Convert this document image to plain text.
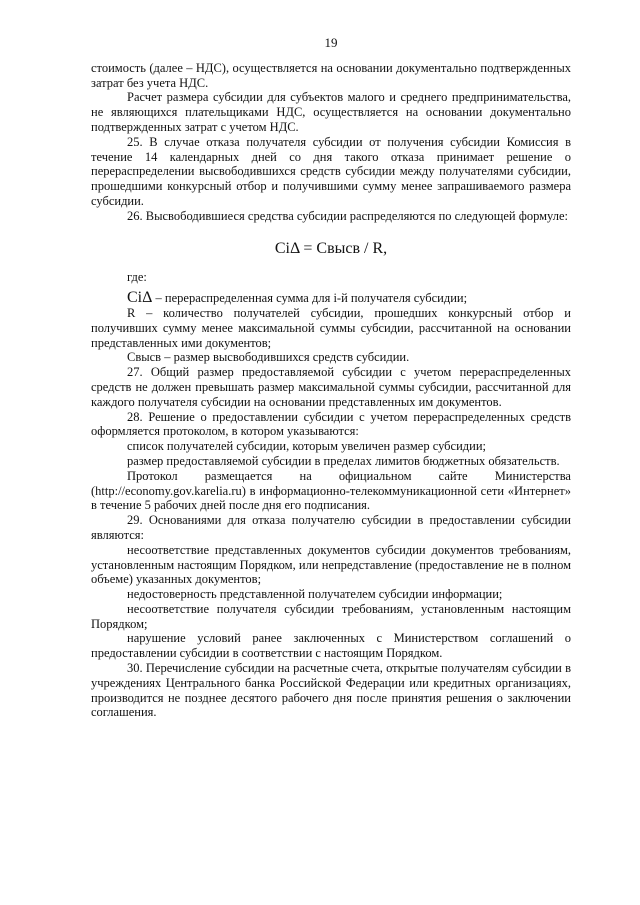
19

стоимость (далее – НДС), осуществляется на основании документально подтвержденных затрат без учета НДС.

Расчет размера субсидии для субъектов малого и среднего предпринимательства, не являющихся плательщиками НДС, осуществляется на основании документально подтвержденных затрат с учетом НДС.

25. В случае отказа получателя субсидии от получения субсидии Комиссия в течение 14 календарных дней со дня такого отказа принимает решение о перераспределении высвободившихся средств субсидии между получателями субсидии, прошедшими конкурсный отбор и получившими сумму менее запрашиваемого размера субсидии.

26. Высвободившиеся средства субсидии распределяются по следующей формуле:

CiΔ = Свысв / R,

где:

CiΔ – перераспределенная сумма для i-й получателя субсидии;

R – количество получателей субсидии, прошедших конкурсный отбор и получивших сумму менее максимальной суммы субсидии, рассчитанной на основании представленных ими документов;

Свысв – размер высвободившихся средств субсидии.

27. Общий размер предоставляемой субсидии с учетом перераспределенных средств не должен превышать размер максимальной суммы субсидии, рассчитанной для каждого получателя субсидии на основании представленных им документов.

28. Решение о предоставлении субсидии с учетом перераспределенных средств оформляется протоколом, в котором указываются:

список получателей субсидии, которым увеличен размер субсидии;

размер предоставляемой субсидии в пределах лимитов бюджетных обязательств.

Протокол размещается на официальном сайте Министерства (http://economy.gov.karelia.ru) в информационно-телекоммуникационной сети «Интернет» в течение 5 рабочих дней после дня его подписания.

29. Основаниями для отказа получателю субсидии в предоставлении субсидии являются:

несоответствие представленных документов субсидии документов требованиям, установленным настоящим Порядком, или непредставление (предоставление не в полном объеме) указанных документов;

недостоверность представленной получателем субсидии информации;

несоответствие получателя субсидии требованиям, установленным настоящим Порядком;

нарушение условий ранее заключенных с Министерством соглашений о предоставлении субсидии в соответствии с настоящим Порядком.

30. Перечисление субсидии на расчетные счета, открытые получателям субсидии в учреждениях Центрального банка Российской Федерации или кредитных организациях, производится не позднее десятого рабочего дня после принятия решения о заключении соглашения.
